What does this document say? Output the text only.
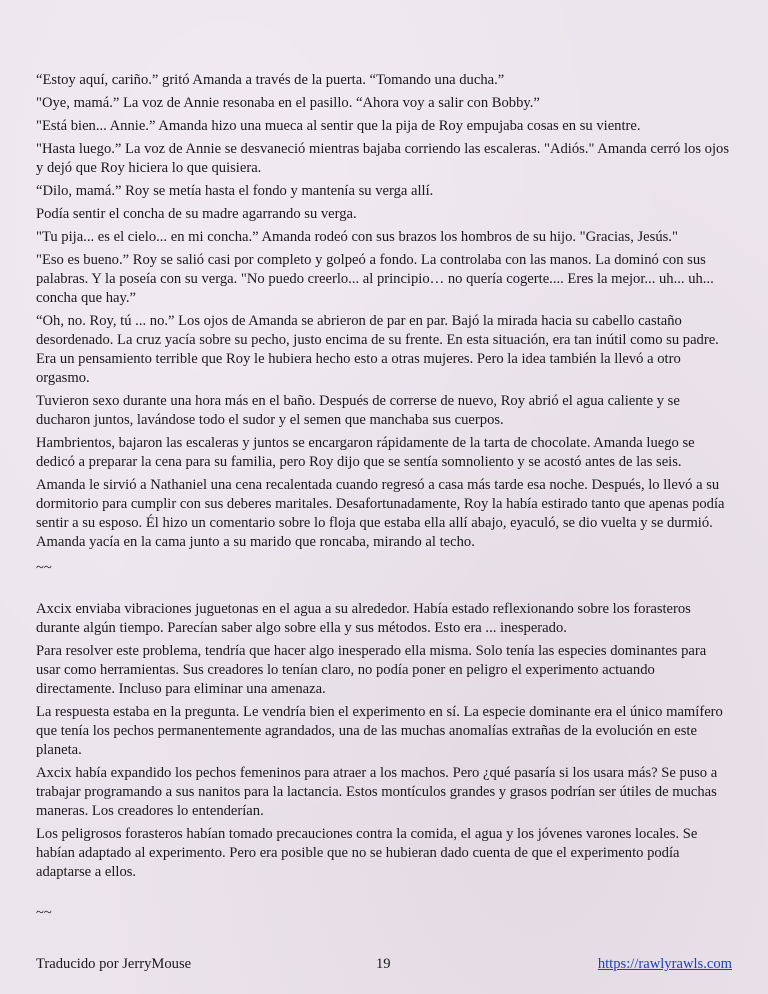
“Estoy aquí, cariño.” gritó Amanda a través de la puerta. “Tomando una ducha.”

"Oye, mamá.” La voz de Annie resonaba en el pasillo. “Ahora voy a salir con Bobby.”

"Está bien... Annie.” Amanda hizo una mueca al sentir que la pija de Roy empujaba cosas en su vientre.

"Hasta luego.” La voz de Annie se desvaneció mientras bajaba corriendo las escaleras. "Adiós." Amanda cerró los ojos y dejó que Roy hiciera lo que quisiera.

“Dilo, mamá.” Roy se metía hasta el fondo y mantenía su verga allí.

Podía sentir el concha de su madre agarrando su verga.

"Tu pija... es el cielo... en mi concha.” Amanda rodeó con sus brazos los hombros de su hijo. "Gracias, Jesús."

"Eso es bueno.” Roy se salió casi por completo y golpeó a fondo. La controlaba con las manos. La dominó con sus palabras. Y la poseía con su verga. "No puedo creerlo... al principio… no quería cogerte.... Eres la mejor... uh... uh... concha que hay.”

“Oh, no. Roy, tú ... no.” Los ojos de Amanda se abrieron de par en par. Bajó la mirada hacia su cabello castaño desordenado. La cruz yacía sobre su pecho, justo encima de su frente. En esta situación, era tan inútil como su padre. Era un pensamiento terrible que Roy le hubiera hecho esto a otras mujeres. Pero la idea también la llevó a otro orgasmo.

Tuvieron sexo durante una hora más en el baño. Después de correrse de nuevo, Roy abrió el agua caliente y se ducharon juntos, lavándose todo el sudor y el semen que manchaba sus cuerpos.

Hambrientos, bajaron las escaleras y juntos se encargaron rápidamente de la tarta de chocolate. Amanda luego se dedicó a preparar la cena para su familia, pero Roy dijo que se sentía somnoliento y se acostó antes de las seis.

Amanda le sirvió a Nathaniel una cena recalentada cuando regresó a casa más tarde esa noche. Después, lo llevó a su dormitorio para cumplir con sus deberes maritales. Desafortunadamente, Roy la había estirado tanto que apenas podía sentir a su esposo. Él hizo un comentario sobre lo floja que estaba ella allí abajo, eyaculó, se dio vuelta y se durmió. Amanda yacía en la cama junto a su marido que roncaba, mirando al techo.

~~

Axcix enviaba vibraciones juguetonas en el agua a su alrededor. Había estado reflexionando sobre los forasteros durante algún tiempo. Parecían saber algo sobre ella y sus métodos. Esto era ... inesperado.

Para resolver este problema, tendría que hacer algo inesperado ella misma. Solo tenía las especies dominantes para usar como herramientas. Sus creadores lo tenían claro, no podía poner en peligro el experimento actuando directamente. Incluso para eliminar una amenaza.

La respuesta estaba en la pregunta. Le vendría bien el experimento en sí. La especie dominante era el único mamífero que tenía los pechos permanentemente agrandados, una de las muchas anomalías extrañas de la evolución en este planeta.

Axcix había expandido los pechos femeninos para atraer a los machos. Pero ¿qué pasaría si los usara más? Se puso a trabajar programando a sus nanitos para la lactancia. Estos montículos grandes y grasos podrían ser útiles de muchas maneras. Los creadores lo entenderían.

Los peligrosos forasteros habían tomado precauciones contra la comida, el agua y los jóvenes varones locales. Se habían adaptado al experimento. Pero era posible que no se hubieran dado cuenta de que el experimento podía adaptarse a ellos.

~~
Traducido por JerryMouse	19	https://rawlyrawls.com
